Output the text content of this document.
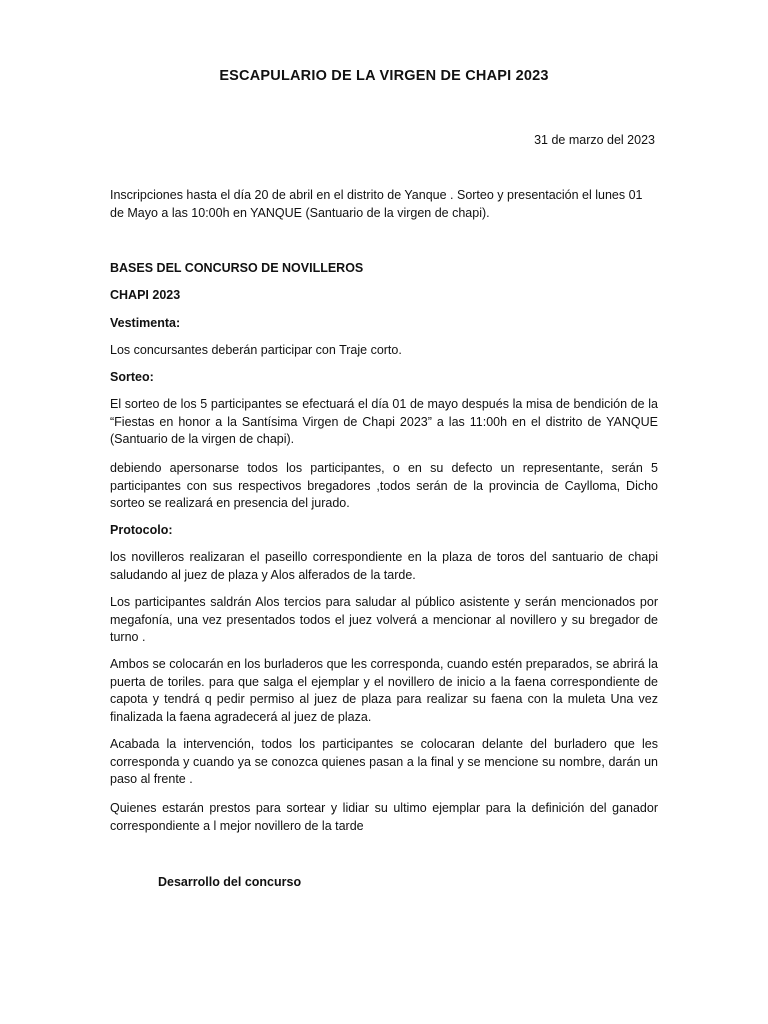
ESCAPULARIO DE LA VIRGEN DE CHAPI 2023
31 de marzo del 2023
Inscripciones hasta el día 20 de abril en el distrito de Yanque . Sorteo y presentación el lunes 01 de Mayo a las 10:00h en YANQUE (Santuario de la virgen de chapi).
BASES DEL CONCURSO DE NOVILLEROS
CHAPI 2023
Vestimenta:
Los concursantes deberán participar con Traje corto.
Sorteo:
El sorteo de los 5 participantes se efectuará el día 01 de mayo después la misa de bendición de la “Fiestas en honor a la Santísima Virgen de Chapi 2023” a las 11:00h en el distrito de YANQUE (Santuario de la virgen de chapi).
debiendo apersonarse todos los participantes, o en su defecto un representante, serán 5 participantes con sus respectivos bregadores ,todos serán de la provincia de Caylloma, Dicho sorteo se realizará en presencia del jurado.
Protocolo:
los novilleros realizaran el paseillo correspondiente en la plaza de toros del santuario de chapi saludando al juez de plaza y Alos alferados de la tarde.
Los participantes saldrán Alos tercios para saludar al público asistente y serán mencionados por megafonía, una vez presentados todos el juez volverá a mencionar al novillero y su bregador de turno .
Ambos se colocarán en los burladeros que les corresponda, cuando estén preparados, se abrirá la puerta de toriles. para que salga el ejemplar y el novillero de inicio a la faena correspondiente de capota y tendrá q pedir permiso al juez de plaza para realizar su faena con la muleta Una vez finalizada la faena agradecerá al juez de plaza.
Acabada la intervención, todos los participantes se colocaran delante del burladero que les corresponda y cuando ya se conozca quienes pasan a la final y se mencione su nombre, darán un paso al frente .
Quienes estarán prestos para sortear y lidiar su ultimo ejemplar para la definición del ganador correspondiente a l mejor novillero de la tarde
Desarrollo del concurso
